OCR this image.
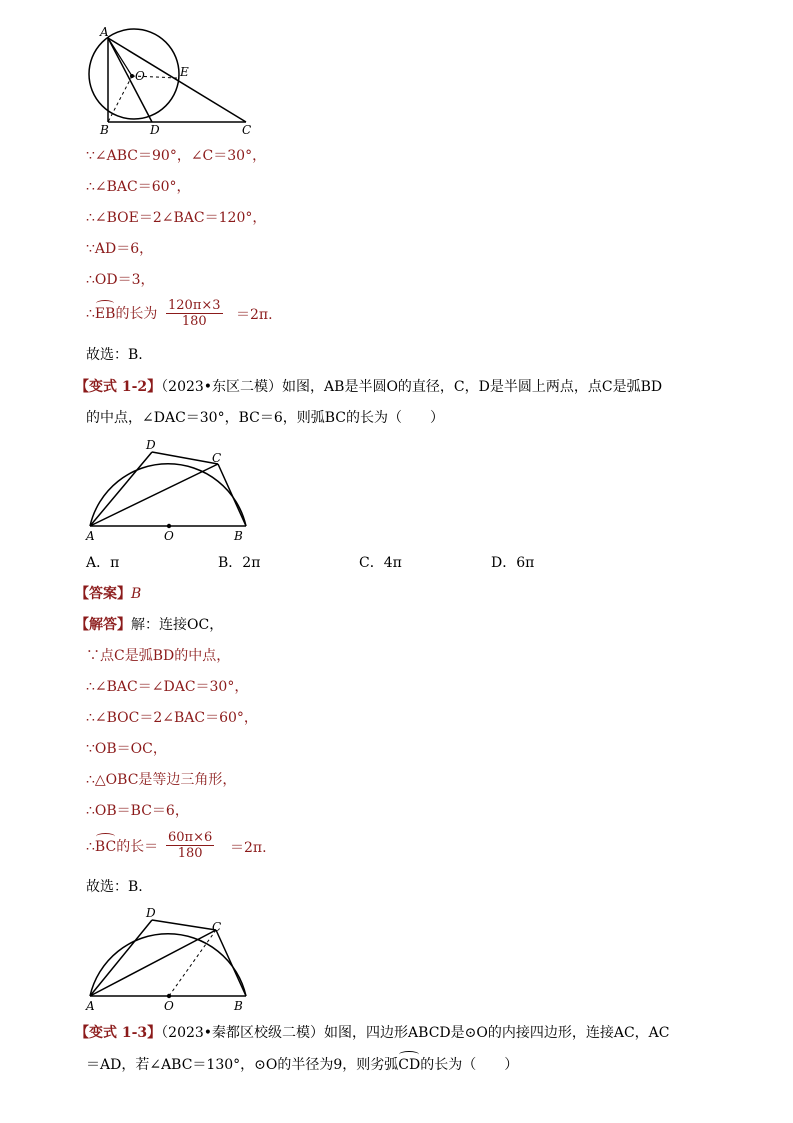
A
O	E
B	D	C
∵∠ABC＝90°，∠C＝30°，
∴∠BAC＝60°，
∴∠BOE＝2∠BAC＝120°，
∵AD＝6，
∴OD＝3，
∴EB的长为 $\frac{120\pi\times 3}{180} =2\pi$.
故选：B.
【变式 1-2】（2023•东区二模）如图，AB是半圆O的直径，C，D是半圆上两点，点C是弧BD
的中点，∠DAC＝30°，BC＝6，则弧BC的长为（　　）
D
C
A	O	B
A．π	B．2π	C．4π	D．6π
【答案】B
【解答】解：连接OC，
∵点C是弧BD的中点，
∴∠BAC＝∠DAC＝30°，
∴∠BOC＝2∠BAC＝60°，
∵OB＝OC，
∴△OBC是等边三角形，
∴OB＝BC＝6，
∴BC的长＝ $\frac{60\pi\times 6}{180} =2\pi$.
故选：B.
D
C
A	O	B
【变式 1-3】（2023•秦都区校级二模）如图，四边形ABCD是⊙O的内接四边形，连接AC，AC
＝AD，若∠ABC＝130°，⊙O的半径为9，则劣弧CD的长为（　　）
